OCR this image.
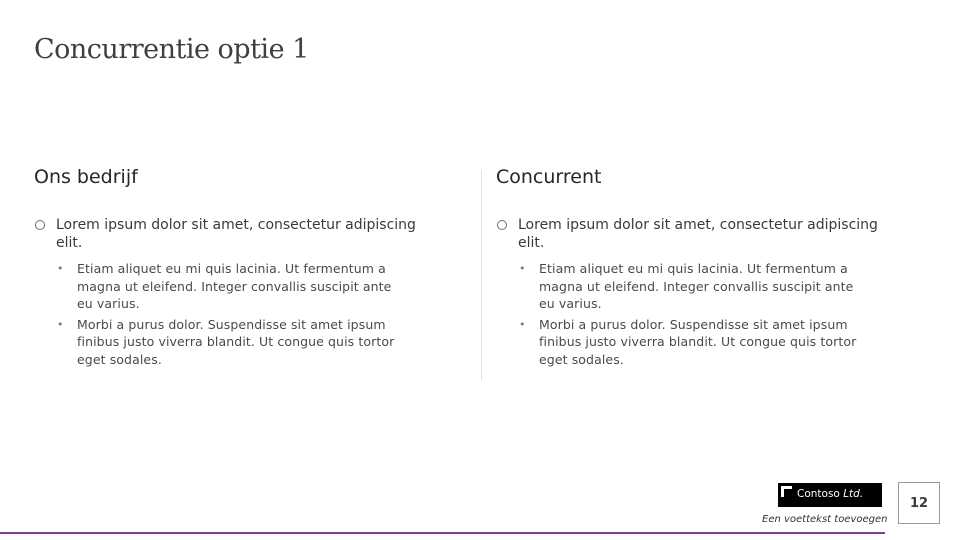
Concurrentie optie 1
Ons bedrijf
Lorem ipsum dolor sit amet, consectetur adipiscing elit.
• Etiam aliquet eu mi quis lacinia. Ut fermentum a magna ut eleifend. Integer convallis suscipit ante eu varius.
• Morbi a purus dolor. Suspendisse sit amet ipsum finibus justo viverra blandit. Ut congue quis tortor eget sodales.
Concurrent
Lorem ipsum dolor sit amet, consectetur adipiscing elit.
• Etiam aliquet eu mi quis lacinia. Ut fermentum a magna ut eleifend. Integer convallis suscipit ante eu varius.
• Morbi a purus dolor. Suspendisse sit amet ipsum finibus justo viverra blandit. Ut congue quis tortor eget sodales.
Contoso Ltd.
Een voettekst toevoegen
12
